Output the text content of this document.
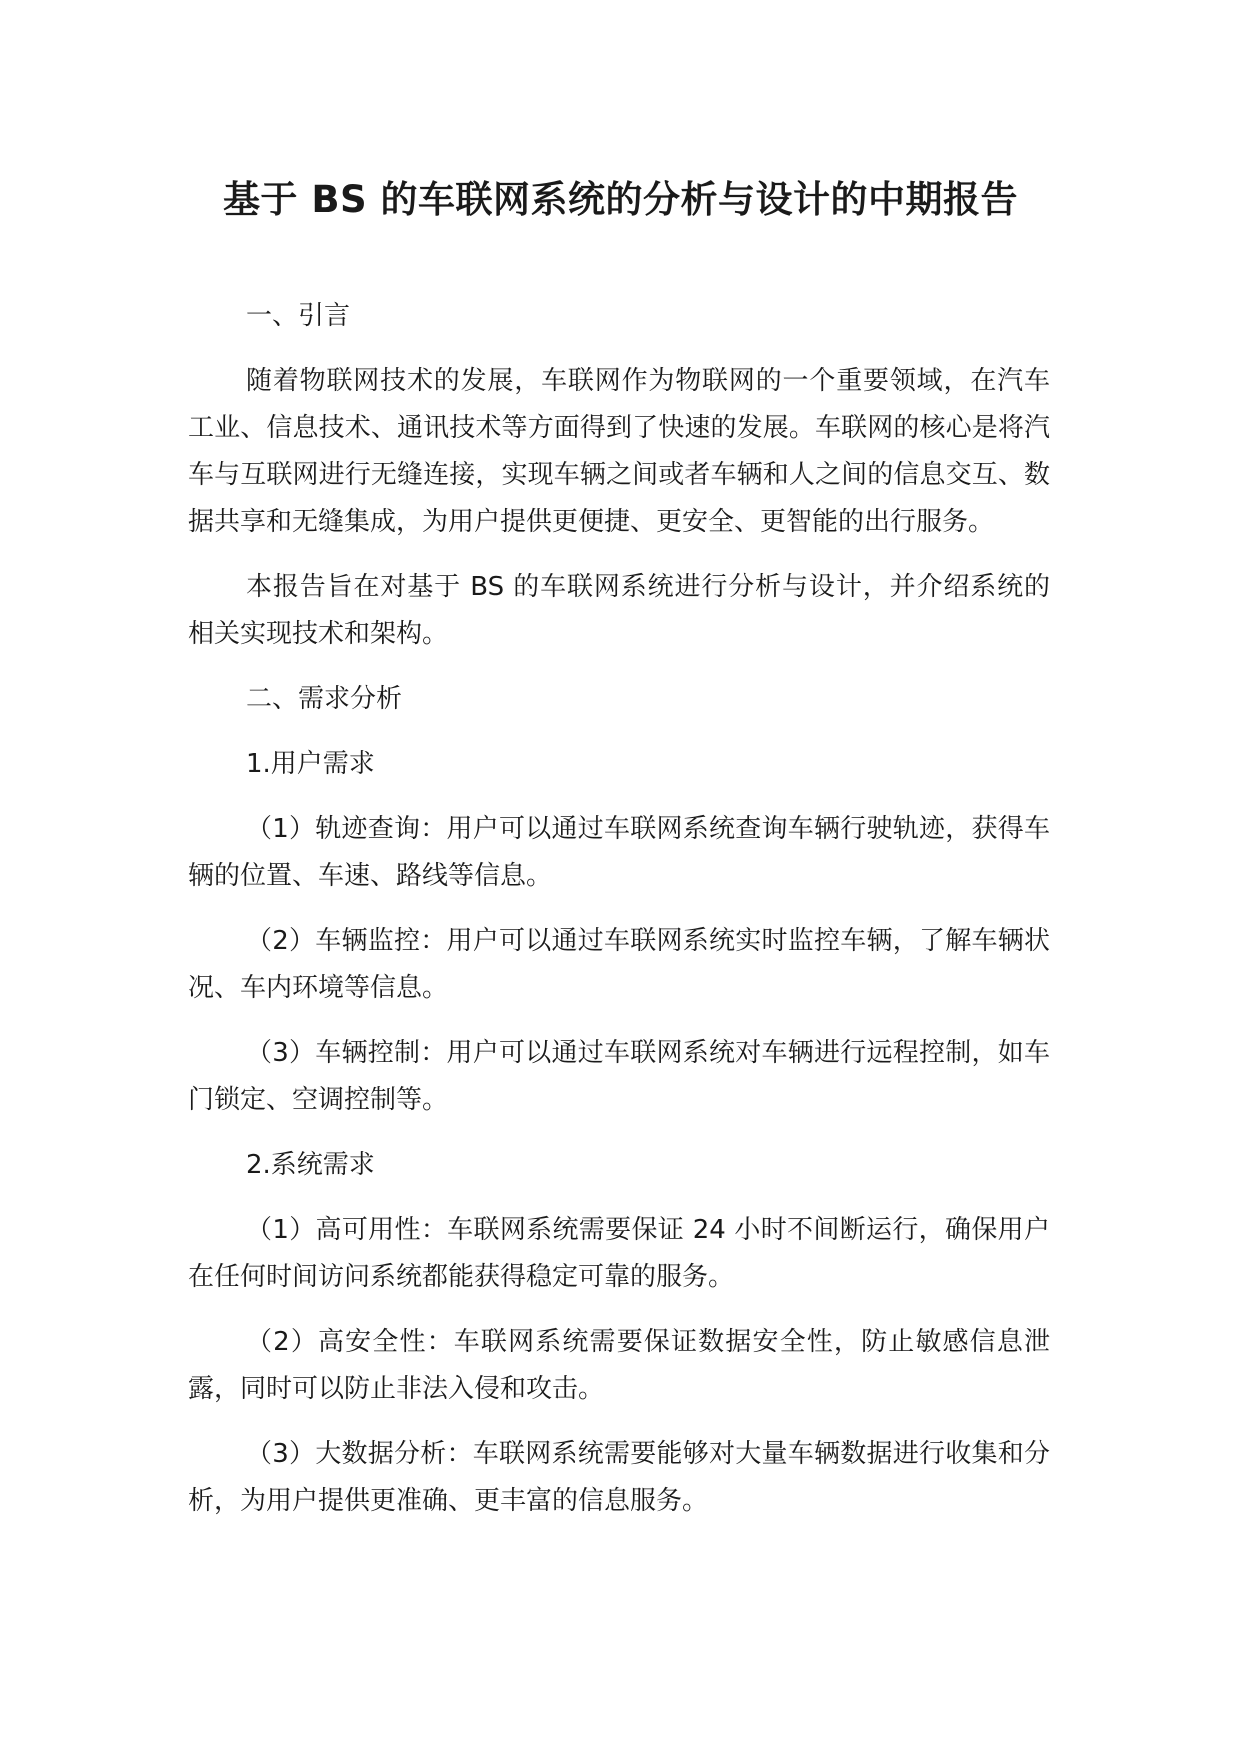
基于 BS 的车联网系统的分析与设计的中期报告

一、引言

随着物联网技术的发展，车联网作为物联网的一个重要领域，在汽车工业、信息技术、通讯技术等方面得到了快速的发展。车联网的核心是将汽车与互联网进行无缝连接，实现车辆之间或者车辆和人之间的信息交互、数据共享和无缝集成，为用户提供更便捷、更安全、更智能的出行服务。

本报告旨在对基于 BS 的车联网系统进行分析与设计，并介绍系统的相关实现技术和架构。

二、需求分析

1.用户需求

（1）轨迹查询：用户可以通过车联网系统查询车辆行驶轨迹，获得车辆的位置、车速、路线等信息。

（2）车辆监控：用户可以通过车联网系统实时监控车辆，了解车辆状况、车内环境等信息。

（3）车辆控制：用户可以通过车联网系统对车辆进行远程控制，如车门锁定、空调控制等。

2.系统需求

（1）高可用性：车联网系统需要保证 24 小时不间断运行，确保用户在任何时间访问系统都能获得稳定可靠的服务。

（2）高安全性：车联网系统需要保证数据安全性，防止敏感信息泄露，同时可以防止非法入侵和攻击。

（3）大数据分析：车联网系统需要能够对大量车辆数据进行收集和分析，为用户提供更准确、更丰富的信息服务。
